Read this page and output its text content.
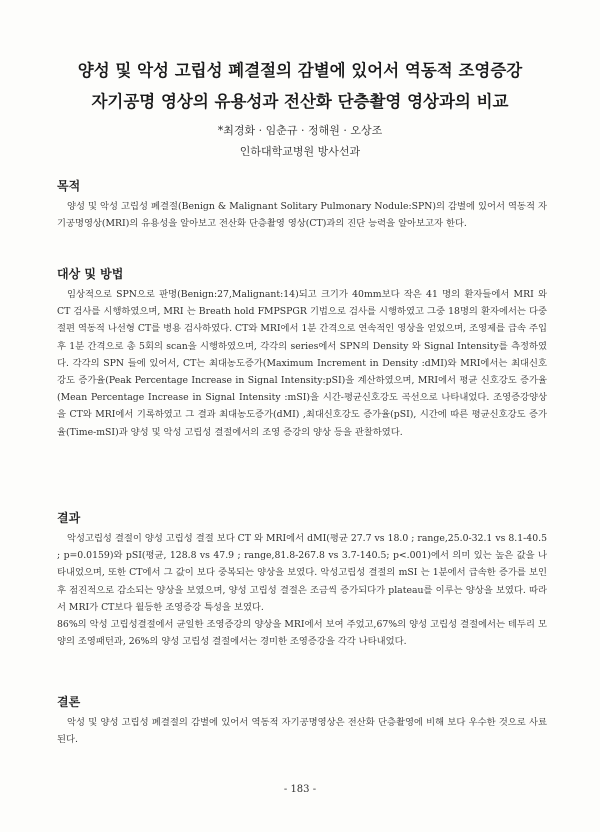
양성 및 악성 고립성 폐결절의 감별에 있어서 역동적 조영증강
자기공명 영상의 유용성과 전산화 단층촬영 영상과의 비교
*최경화 · 임춘규 · 정해원 · 오상조
인하대학교병원 방사선과
목적

양성 및 악성 고립성 폐결절(Benign & Malignant Solitary Pulmonary Nodule:SPN)의 감별에 있어서 역동적 자기공명영상(MRI)의 유용성을 알아보고 전산화 단층촬영 영상(CT)과의 진단 능력을 알아보고자 한다.

대상 및 방법

임상적으로 SPN으로 판명(Benign:27,Malignant:14)되고 크기가 40mm보다 작은 41 명의 환자들에서 MRI 와 CT 검사를 시행하였으며, MRI 는 Breath hold FMPSPGR 기법으로 검사를 시행하였고 그중 18명의 환자에서는 다중절편 역동적 나선형 CT를 병용 검사하였다. CT와 MRI에서 1분 간격으로 연속적인 영상을 얻었으며, 조영제를 급속 주입 후 1분 간격으로 총 5회의 scan을 시행하였으며, 각각의 series에서 SPN의 Density 와 Signal Intensity를 측정하였다. 각각의 SPN 들에 있어서, CT는 최대농도증가(Maximum Increment in Density :dMI)와 MRI에서는 최대신호강도 증가율(Peak Percentage Increase in Signal Intensity:pSI)을 계산하였으며, MRI에서 평균 신호강도 증가율(Mean Percentage Increase in Signal Intensity :mSI)을 시간-평균신호강도 곡선으로 나타내었다. 조영증강양상을 CT와 MRI에서 기록하였고 그 결과 최대농도증가(dMI) ,최대신호강도 증가율(pSI), 시간에 따른 평균신호강도 증가율(Time-mSI)과 양성 및 악성 고립성 결절에서의 조영 증강의 양상 등을 관찰하였다.

결과

악성고립성 결절이 양성 고립성 결절 보다 CT 와 MRI에서 dMI(평균 27.7 vs 18.0 ; range,25.0-32.1 vs 8.1-40.5 ; p=0.0159)와 pSI(평균, 128.8 vs 47.9 ; range,81.8-267.8 vs 3.7-140.5; p<.001)에서 의미 있는 높은 값을 나타내었으며, 또한 CT에서 그 값이 보다 중복되는 양상을 보였다. 악성고립성 결절의 mSI 는 1분에서 급속한 증가를 보인 후 점진적으로 감소되는 양상을 보였으며, 양성 고립성 결절은 조금씩 증가되다가 plateau를 이루는 양상을 보였다. 따라서 MRI가 CT보다 월등한 조영증강 특성을 보였다.

86%의 악성 고립성결절에서 균일한 조영증강의 양상을 MRI에서 보여 주었고,67%의 양성 고립성 결절에서는 테두리 모양의 조영패턴과, 26%의 양성 고립성 결절에서는 경미한 조영증강을 각각 나타내었다.

결론

악성 및 양성 고립성 폐결절의 감별에 있어서 역동적 자기공명영상은 전산화 단층촬영에 비해 보다 우수한 것으로 사료된다.

- 183 -
